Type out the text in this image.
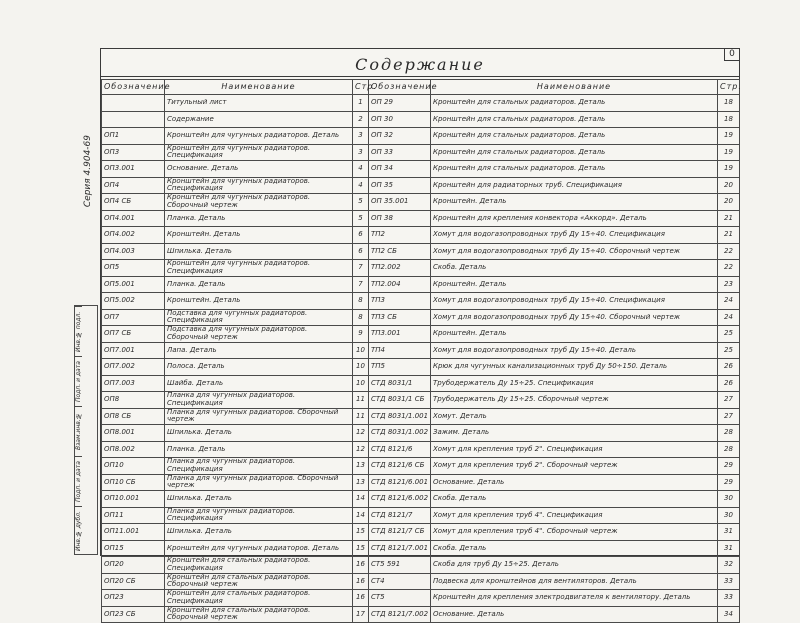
Серия 4.904-69
Инв.№ подл.
Подп. и дата
Взам.инв.№
Подп. и дата
Инв.№ дубл.
0
Содержание
Обозначение	Наименование	Стр.	Обозначение	Наименование	Стр.
	Титульный лист	1	ОП 29	Кронштейн для стальных радиаторов. Деталь	18
	Содержание	2	ОП 30	Кронштейн для стальных радиаторов. Деталь	18
ОП1	Кронштейн для чугунных радиаторов. Деталь	3	ОП 32	Кронштейн для стальных радиаторов. Деталь	19
ОП3	Кронштейн для чугунных радиаторов. Спецификация	3	ОП 33	Кронштейн для стальных радиаторов. Деталь	19
ОП3.001	Основание. Деталь	4	ОП 34	Кронштейн для стальных радиаторов. Деталь	19
ОП4	Кронштейн для чугунных радиаторов. Спецификация	4	ОП 35	Кронштейн для радиаторных труб. Спецификация	20
ОП4 СБ	Кронштейн для чугунных радиаторов. Сборочный чертеж	5	ОП 35.001	Кронштейн. Деталь	20
ОП4.001	Планка. Деталь	5	ОП 38	Кронштейн для крепления конвектора «Аккорд». Деталь	21
ОП4.002	Кронштейн. Деталь	6	ТП2	Хомут для водогазопроводных труб Ду 15÷40. Спецификация	21
ОП4.003	Шпилька. Деталь	6	ТП2 СБ	Хомут для водогазопроводных труб Ду 15÷40. Сборочный чертеж	22
ОП5	Кронштейн для чугунных радиаторов. Спецификация	7	ТП2.002	Скоба. Деталь	22
ОП5.001	Планка. Деталь	7	ТП2.004	Кронштейн. Деталь	23
ОП5.002	Кронштейн. Деталь	8	ТП3	Хомут для водогазопроводных труб Ду 15÷40. Спецификация	24
ОП7	Подставка для чугунных радиаторов. Спецификация	8	ТП3 СБ	Хомут для водогазопроводных труб Ду 15÷40. Сборочный чертеж	24
ОП7 СБ	Подставка для чугунных радиаторов. Сборочный чертеж	9	ТП3.001	Кронштейн. Деталь	25
ОП7.001	Лапа. Деталь	10	ТП4	Хомут для водогазопроводных труб Ду 15÷40. Деталь	25
ОП7.002	Полоса. Деталь	10	ТП5	Крюк для чугунных канализационных труб Ду 50÷150. Деталь	26
ОП7.003	Шайба. Деталь	10	СТД 8031/1	Трубодержатель Ду 15÷25. Спецификация	26
ОП8	Планка для чугунных радиаторов. Спецификация	11	СТД 8031/1 СБ	Трубодержатель Ду 15÷25. Сборочный чертеж	27
ОП8 СБ	Планка для чугунных радиаторов. Сборочный чертеж	11	СТД 8031/1.001	Хомут. Деталь	27
ОП8.001	Шпилька. Деталь	12	СТД 8031/1.002	Зажим. Деталь	28
ОП8.002	Планка. Деталь	12	СТД 8121/6	Хомут для крепления труб 2". Спецификация	28
ОП10	Планка для чугунных радиаторов. Спецификация	13	СТД 8121/6 СБ	Хомут для крепления труб 2". Сборочный чертеж	29
ОП10 СБ	Планка для чугунных радиаторов. Сборочный чертеж	13	СТД 8121/6.001	Основание. Деталь	29
ОП10.001	Шпилька. Деталь	14	СТД 8121/6.002	Скоба. Деталь	30
ОП11	Планка для чугунных радиаторов. Спецификация	14	СТД 8121/7	Хомут для крепления труб 4". Спецификация	30
ОП11.001	Шпилька. Деталь	15	СТД 8121/7 СБ	Хомут для крепления труб 4". Сборочный чертеж	31
ОП15	Кронштейн для чугунных радиаторов. Деталь	15	СТД 8121/7.001	Скоба. Деталь	31
ОП20	Кронштейн для стальных радиаторов. Спецификация	16	СТ5 591	Скоба для труб Ду 15÷25. Деталь	32
ОП20 СБ	Кронштейн для стальных радиаторов. Сборочный чертеж	16	СТ4	Подвеска для кронштейнов для вентиляторов. Деталь	33
ОП23	Кронштейн для стальных радиаторов. Спецификация	16	СТ5	Кронштейн для крепления электродвигателя к вентилятору. Деталь	33
ОП23 СБ	Кронштейн для стальных радиаторов. Сборочный чертеж	17	СТД 8121/7.002	Основание. Деталь	34
